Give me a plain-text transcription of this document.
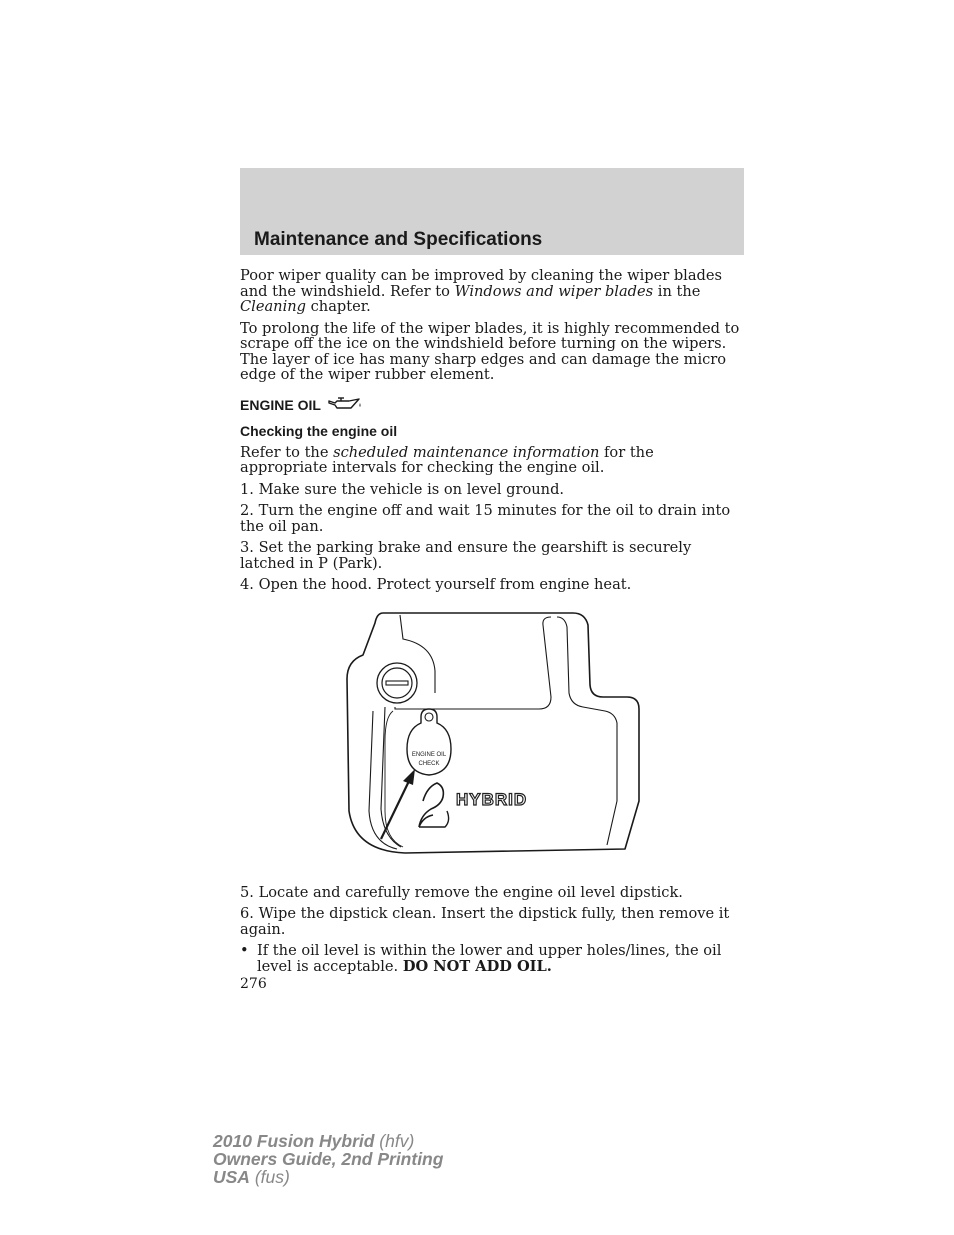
Maintenance and Specifications

Poor wiper quality can be improved by cleaning the wiper blades and the windshield. Refer to Windows and wiper blades in the Cleaning chapter.

To prolong the life of the wiper blades, it is highly recommended to scrape off the ice on the windshield before turning on the wipers. The layer of ice has many sharp edges and can damage the micro edge of the wiper rubber element.

ENGINE OIL
Checking the engine oil

Refer to the scheduled maintenance information for the appropriate intervals for checking the engine oil.

1. Make sure the vehicle is on level ground.

2. Turn the engine off and wait 15 minutes for the oil to drain into the oil pan.

3. Set the parking brake and ensure the gearshift is securely latched in P (Park).

4. Open the hood. Protect yourself from engine heat.

ENGINE OIL
CHECK
HYBRID

5. Locate and carefully remove the engine oil level dipstick.

6. Wipe the dipstick clean. Insert the dipstick fully, then remove it again.

• If the oil level is within the lower and upper holes/lines, the oil level is acceptable. DO NOT ADD OIL.
276
2010 Fusion Hybrid (hfv)
Owners Guide, 2nd Printing
USA (fus)
